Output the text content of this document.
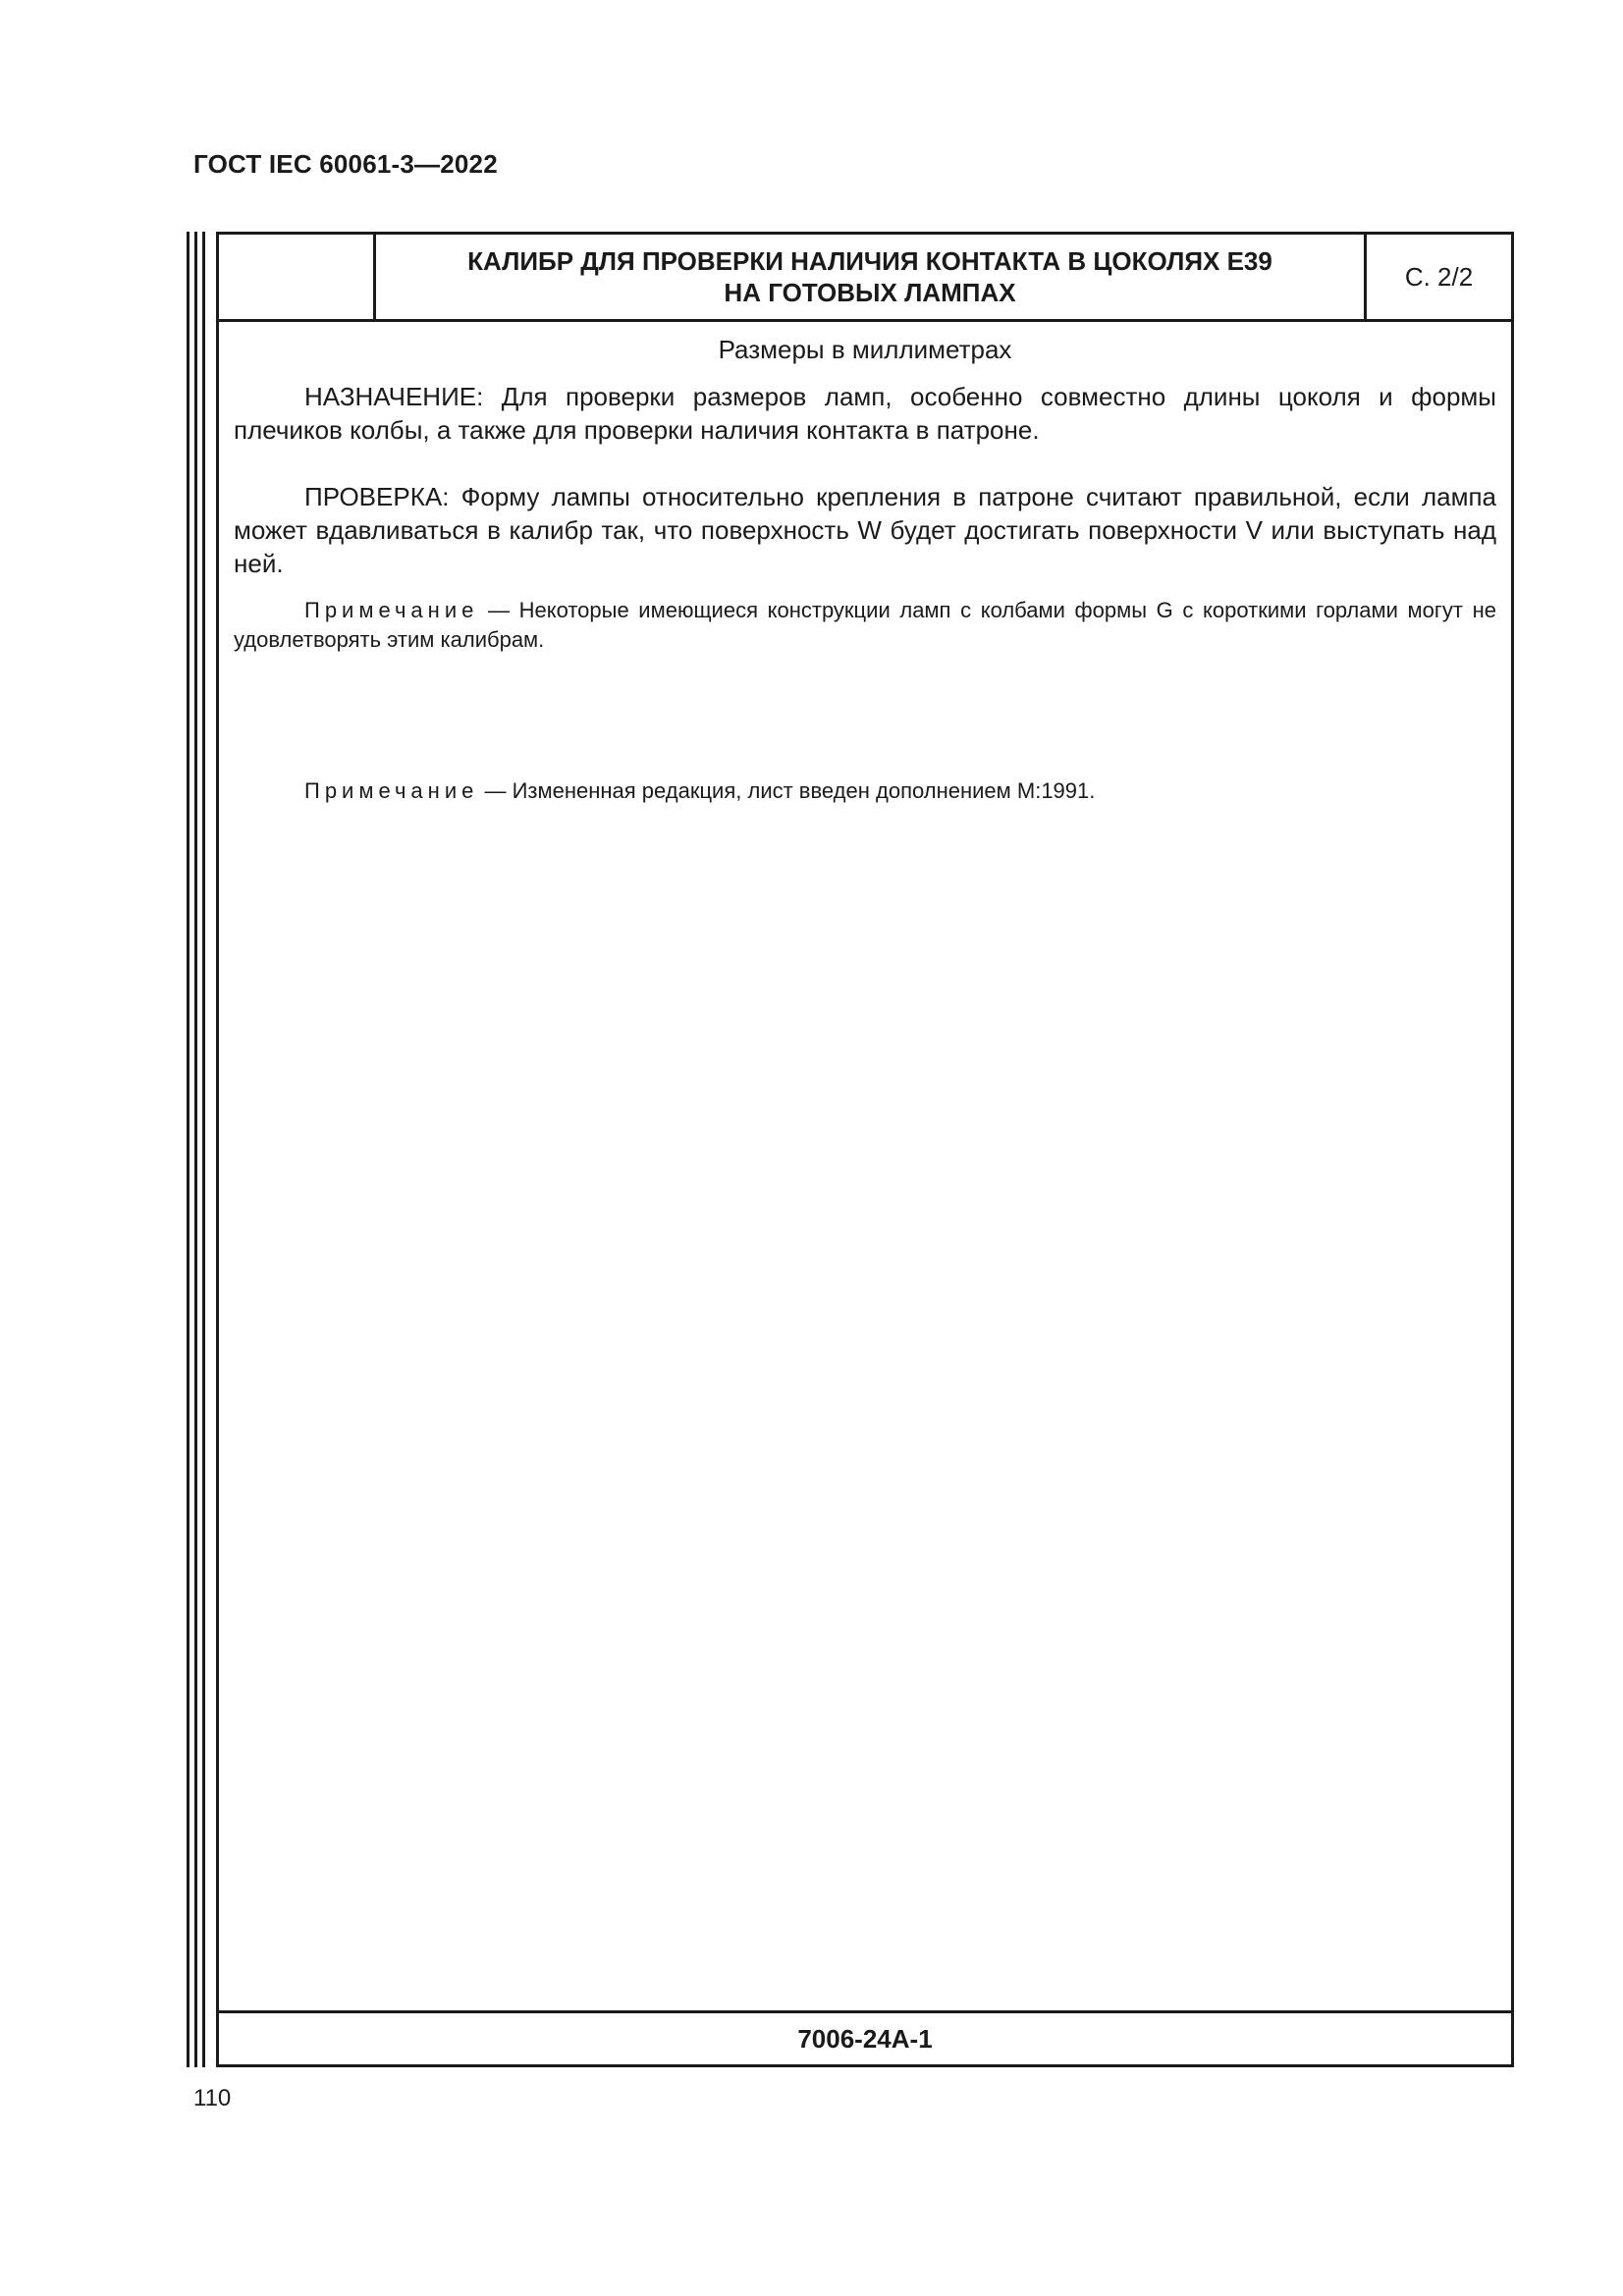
ГОСТ IEC 60061-3—2022
КАЛИБР ДЛЯ ПРОВЕРКИ НАЛИЧИЯ КОНТАКТА В ЦОКОЛЯХ E39
НА ГОТОВЫХ ЛАМПАХ
С. 2/2

Размеры в миллиметрах

НАЗНАЧЕНИЕ: Для проверки размеров ламп, особенно совместно длины цоколя и формы плечиков колбы, а также для проверки наличия контакта в патроне.

ПРОВЕРКА: Форму лампы относительно крепления в патроне считают правильной, если лампа может вдавливаться в калибр так, что поверхность W будет достигать поверхности V или выступать над ней.

Примечание — Некоторые имеющиеся конструкции ламп с колбами формы G с короткими горлами могут не удовлетворять этим калибрам.

Примечание — Измененная редакция, лист введен дополнением М:1991.
7006-24A-1
110
